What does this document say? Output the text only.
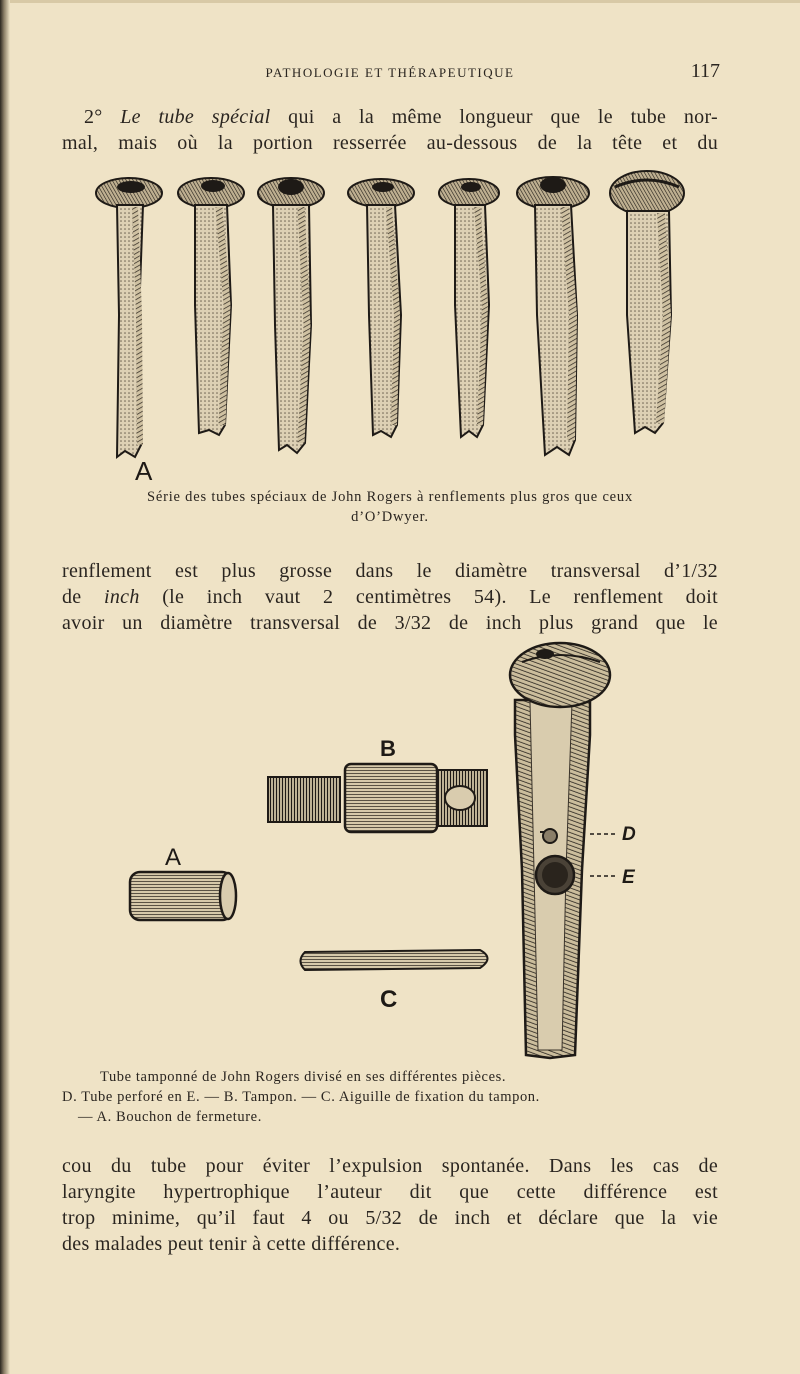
PATHOLOGIE ET THÉRAPEUTIQUE	117
2° Le tube spécial qui a la même longueur que le tube nor-
mal, mais où la portion resserrée au-dessous de la tête et du
A
Série des tubes spéciaux de John Rogers à renflements plus gros que ceux
d’O’Dwyer.
renflement est plus grosse dans le diamètre transversal d’1/32
de inch (le inch vaut 2 centimètres 54). Le renflement doit
avoir un diamètre transversal de 3/32 de inch plus grand que le
D
E
B
A
C
Tube tamponné de John Rogers divisé en ses différentes pièces.
D. Tube perforé en E. — B. Tampon. — C. Aiguille de fixation du tampon.
— A. Bouchon de fermeture.
cou du tube pour éviter l’expulsion spontanée. Dans les cas de
laryngite hypertrophique l’auteur dit que cette différence est
trop minime, qu’il faut 4 ou 5/32 de inch et déclare que la vie
des malades peut tenir à cette différence.
